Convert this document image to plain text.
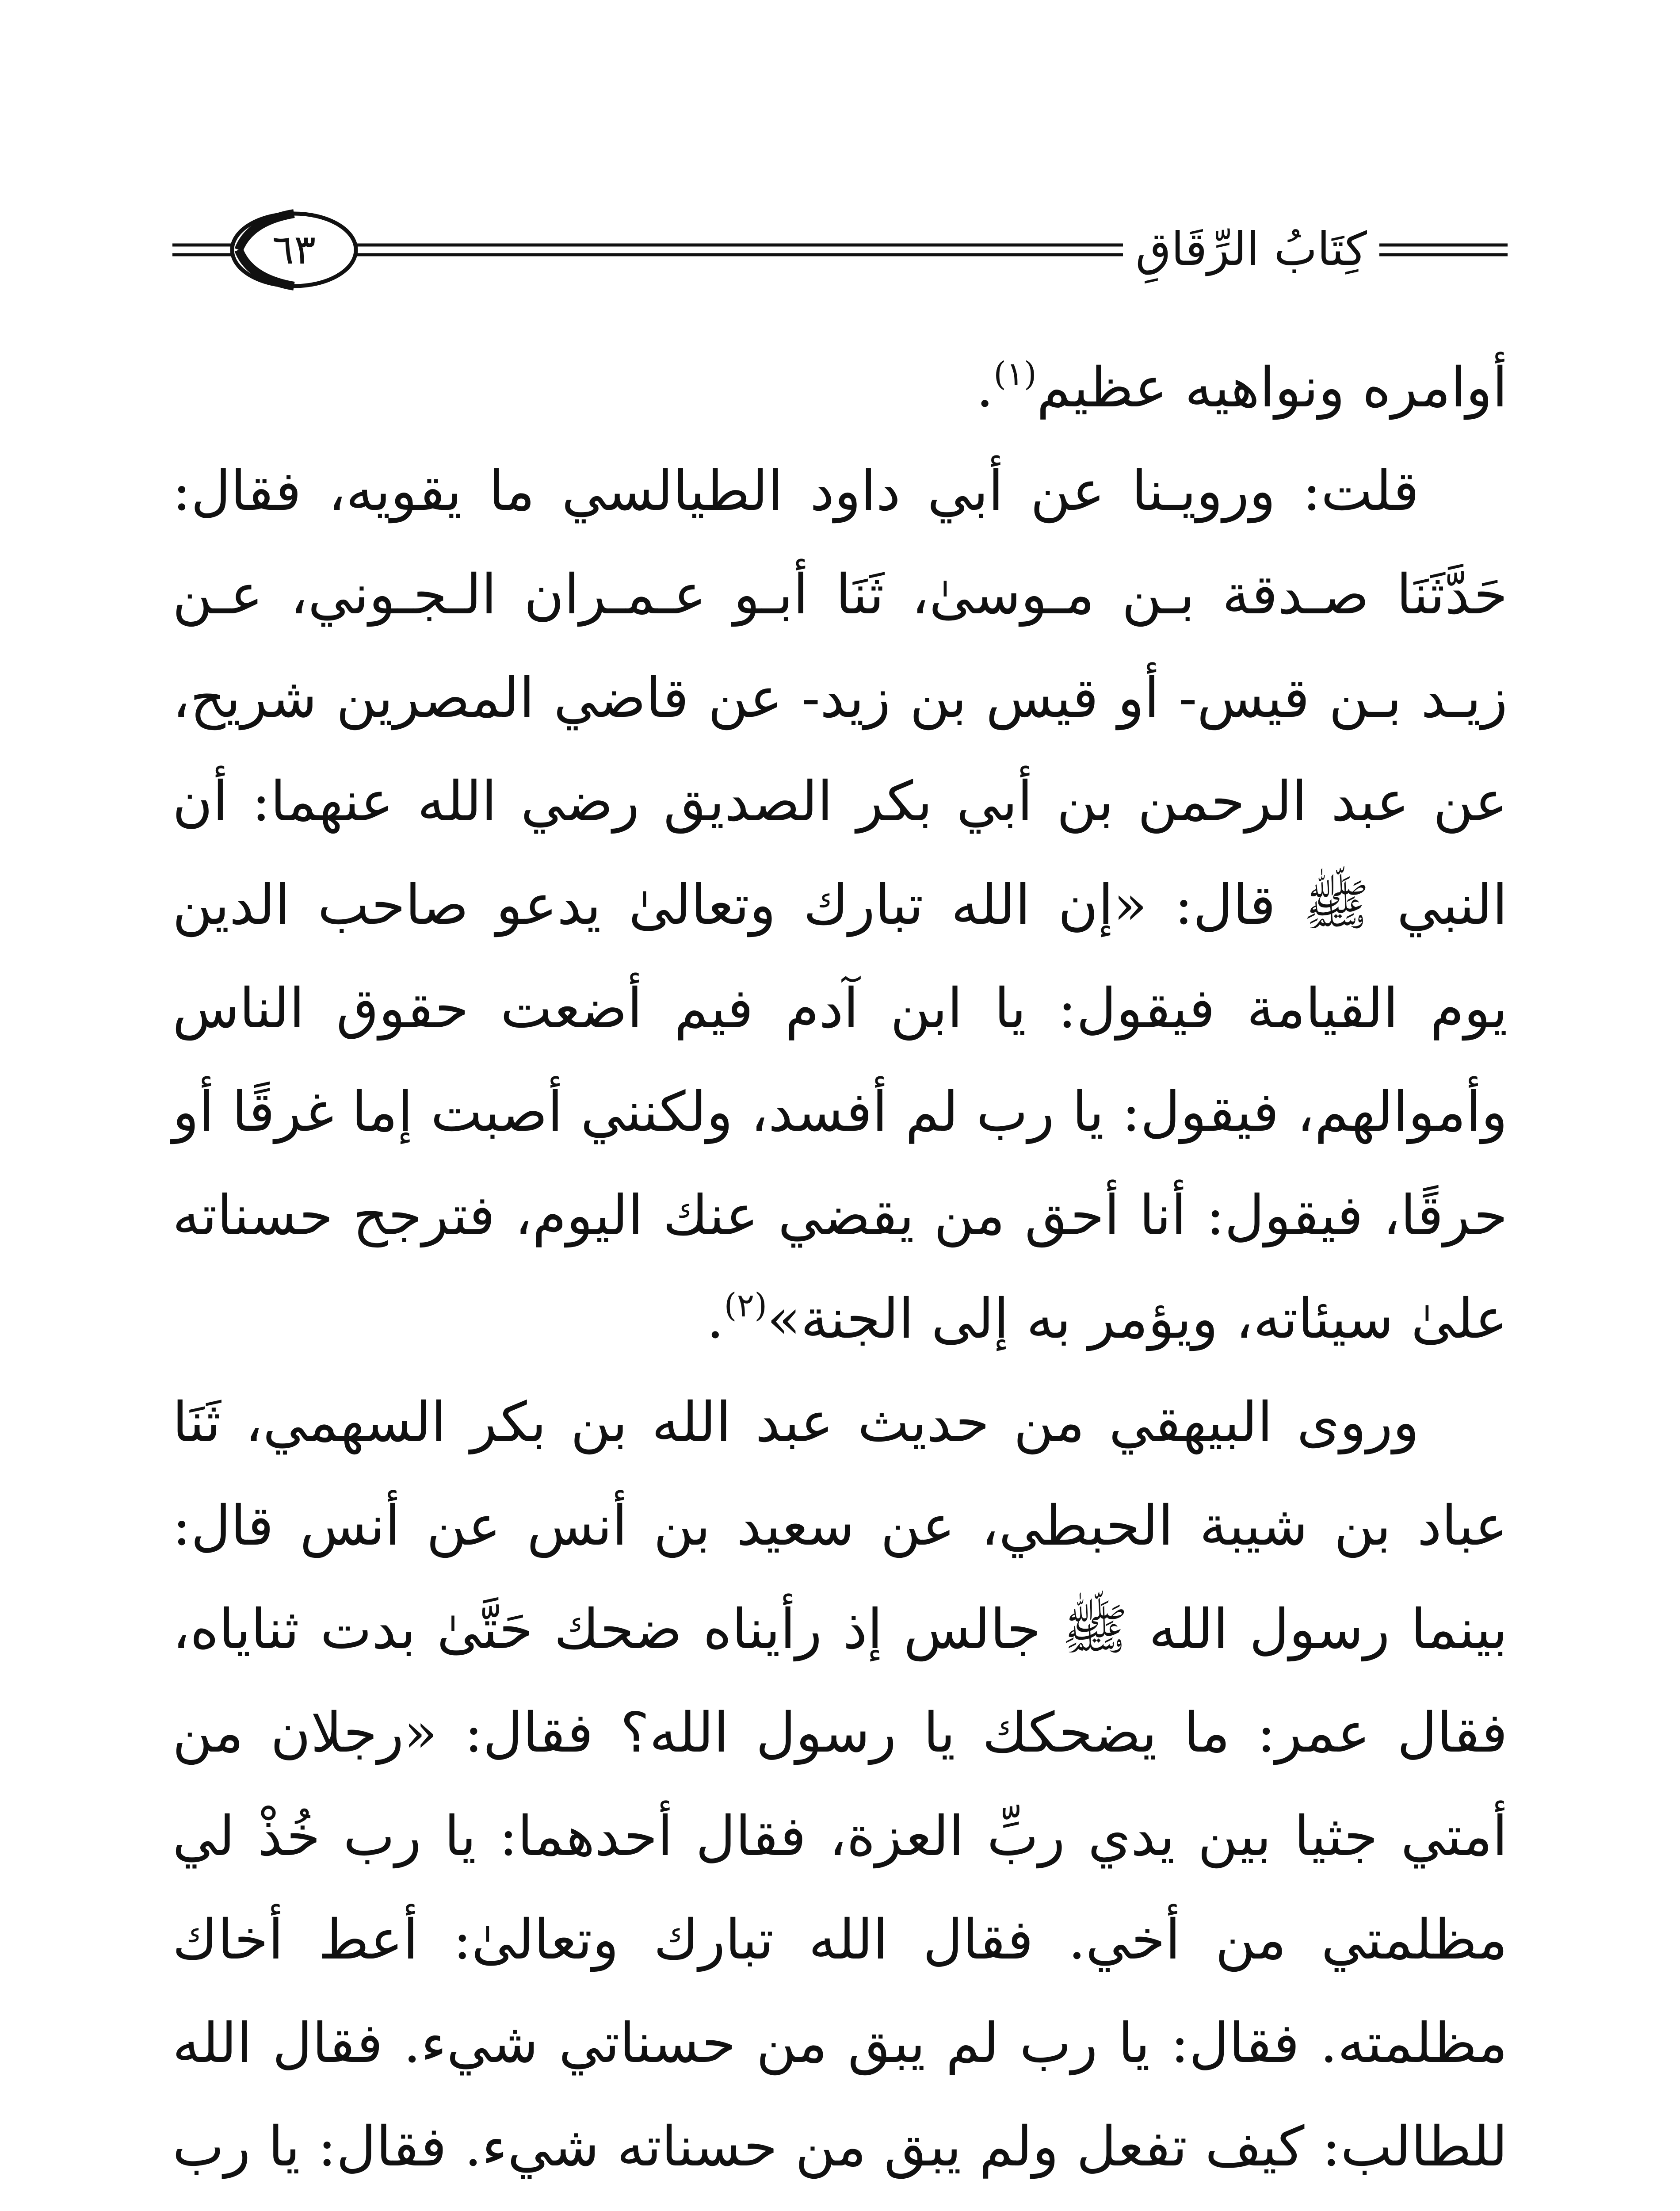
٦٣	كِتَابُ الرِّقَاقِ

أوامره ونواهيه عظيم$^{(١)}$.

قلت: ورويـنا عن أبي داود الطيالسي ما يقويه، فقال: حَدَّثَنَا صـدقة بـن مـوسىٰ، ثَنَا أبـو عـمـران الـجـوني، عـن زيـد بـن قيس- أو قيس بن زيد- عن قاضي المصرين شريح، عن عبد الرحمن بن أبي بكر الصديق رضي الله عنهما: أن النبي ﷺ قال: «إن الله تبارك وتعالىٰ يدعو صاحب الدين يوم القيامة فيقول: يا ابن آدم فيم أضعت حقوق الناس وأموالهم، فيقول: يا رب لم أفسد، ولكنني أصبت إما غرقًا أو حرقًا، فيقول: أنا أحق من يقضي عنك اليوم، فترجح حسناته علىٰ سيئاته، ويؤمر به إلى الجنة»$^{(٢)}$.

وروى البيهقي من حديث عبد الله بن بكر السهمي، ثَنَا عباد بن شيبة الحبطي، عن سعيد بن أنس عن أنس قال: بينما رسول الله ﷺ جالس إذ رأيناه ضحك حَتَّىٰ بدت ثناياه، فقال عمر: ما يضحكك يا رسول الله؟ فقال: «رجلان من أمتي جثيا بين يدي ربِّ العزة، فقال أحدهما: يا رب خُذْ لي مظلمتي من أخي. فقال الله تبارك وتعالىٰ: أعط أخاك مظلمته. فقال: يا رب لم يبق من حسناتي شيء. فقال الله للطالب: كيف تفعل ولم يبق من حسناته شيء. فقال: يا رب
